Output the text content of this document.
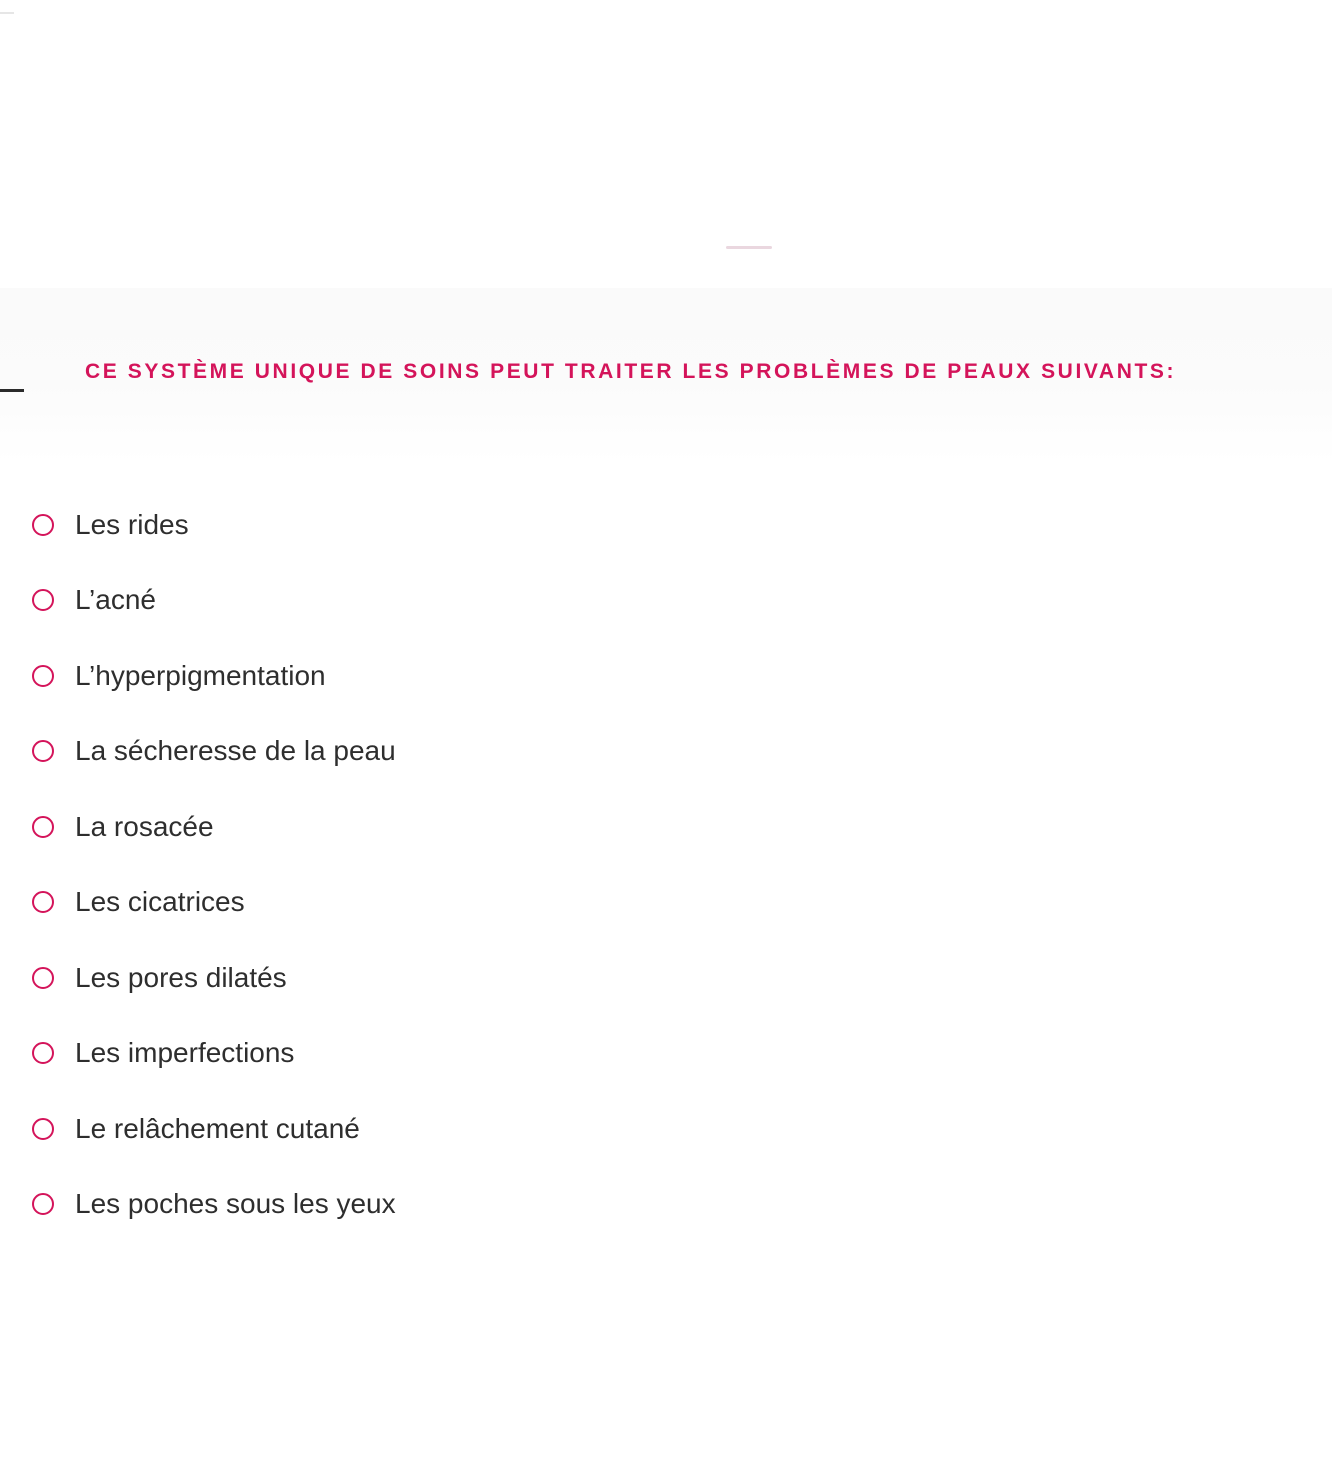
CE SYSTÈME UNIQUE DE SOINS PEUT TRAITER LES PROBLÈMES DE PEAUX SUIVANTS:
Les rides
L’acné
L’hyperpigmentation
La sécheresse de la peau
La rosacée
Les cicatrices
Les pores dilatés
Les imperfections
Le relâchement cutané
Les poches sous les yeux
